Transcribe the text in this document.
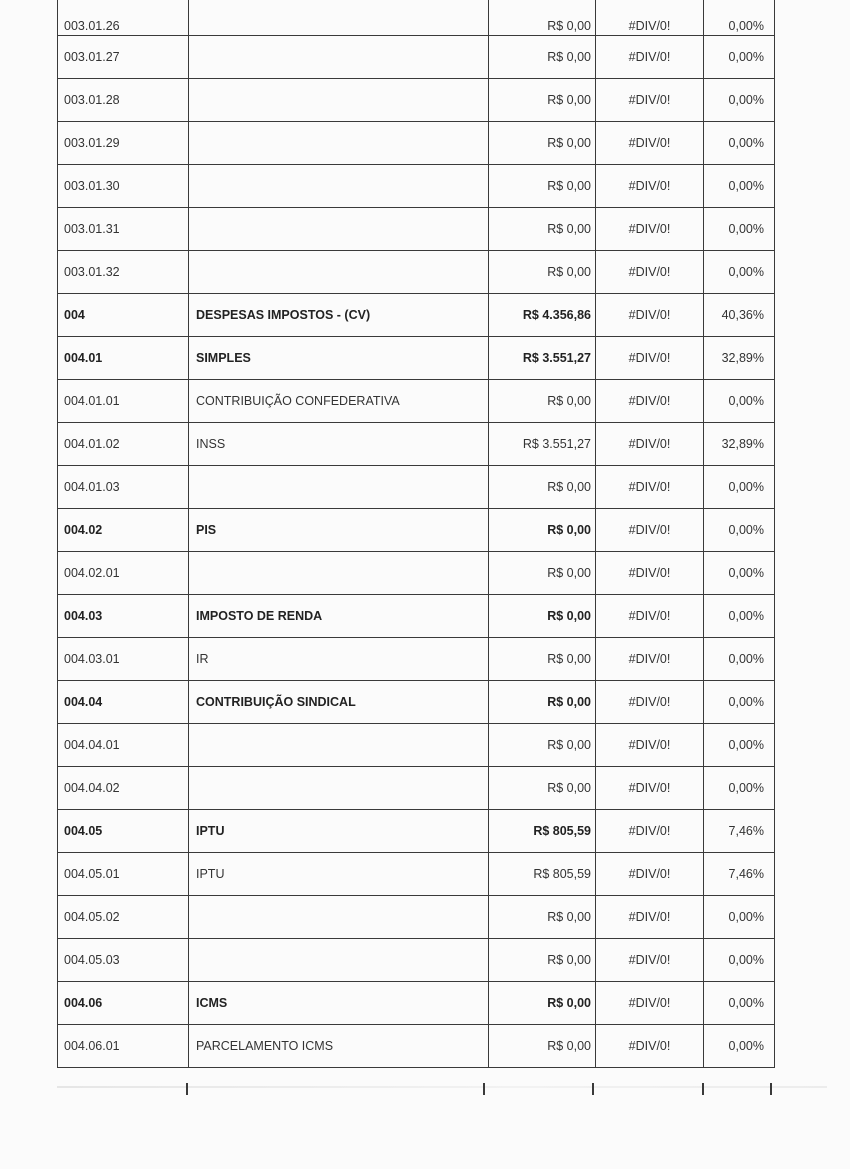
003.01.26		R$ 0,00	#DIV/0!	0,00%
003.01.27		R$ 0,00	#DIV/0!	0,00%
003.01.28		R$ 0,00	#DIV/0!	0,00%
003.01.29		R$ 0,00	#DIV/0!	0,00%
003.01.30		R$ 0,00	#DIV/0!	0,00%
003.01.31		R$ 0,00	#DIV/0!	0,00%
003.01.32		R$ 0,00	#DIV/0!	0,00%
004	DESPESAS IMPOSTOS - (CV)	R$ 4.356,86	#DIV/0!	40,36%
004.01	SIMPLES	R$ 3.551,27	#DIV/0!	32,89%
004.01.01	CONTRIBUIÇÃO CONFEDERATIVA	R$ 0,00	#DIV/0!	0,00%
004.01.02	INSS	R$ 3.551,27	#DIV/0!	32,89%
004.01.03		R$ 0,00	#DIV/0!	0,00%
004.02	PIS	R$ 0,00	#DIV/0!	0,00%
004.02.01		R$ 0,00	#DIV/0!	0,00%
004.03	IMPOSTO DE RENDA	R$ 0,00	#DIV/0!	0,00%
004.03.01	IR	R$ 0,00	#DIV/0!	0,00%
004.04	CONTRIBUIÇÃO SINDICAL	R$ 0,00	#DIV/0!	0,00%
004.04.01		R$ 0,00	#DIV/0!	0,00%
004.04.02		R$ 0,00	#DIV/0!	0,00%
004.05	IPTU	R$ 805,59	#DIV/0!	7,46%
004.05.01	IPTU	R$ 805,59	#DIV/0!	7,46%
004.05.02		R$ 0,00	#DIV/0!	0,00%
004.05.03		R$ 0,00	#DIV/0!	0,00%
004.06	ICMS	R$ 0,00	#DIV/0!	0,00%
004.06.01	PARCELAMENTO ICMS	R$ 0,00	#DIV/0!	0,00%
